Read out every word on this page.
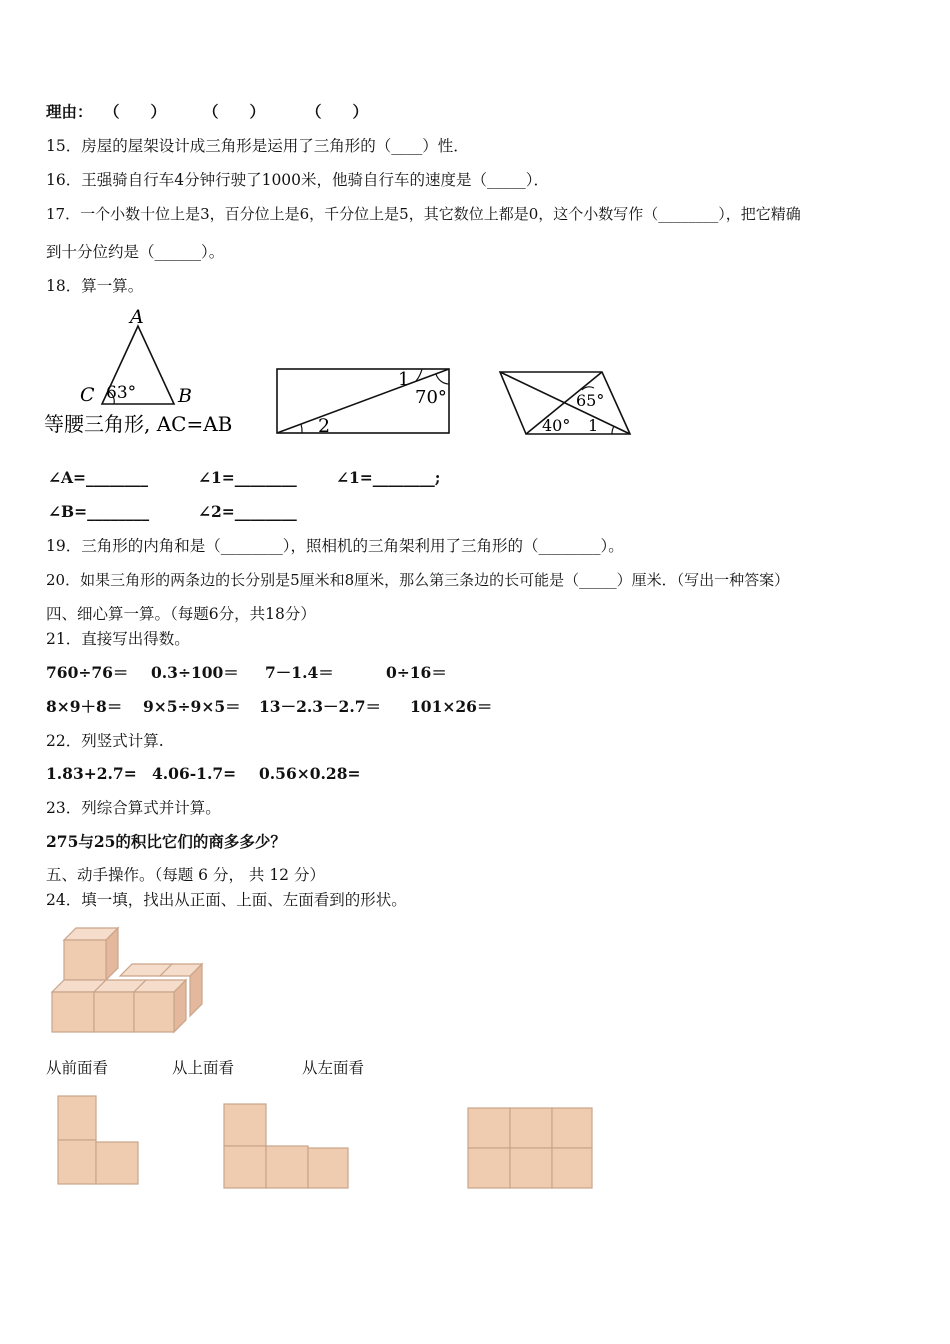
理由： （　　） （　　）	（　　）
15．房屋的屋架设计成三角形是运用了三角形的（____）性．
16．王强骑自行车4分钟行驶了1000米，他骑自行车的速度是（_____）．
17．一个小数十位上是3，百分位上是6，千分位上是5，其它数位上都是0，这个小数写作（________），把它精确
到十分位约是（______）。
18．算一算。
A
C 63° B
等腰三角形, AC=AB
1
70°
2
65°
40° 1
∠A=________	∠1=________	∠1=________;
∠B=________	∠2=________
19．三角形的内角和是（________），照相机的三角架利用了三角形的（________）。
20．如果三角形的两条边的长分别是5厘米和8厘米，那么第三条边的长可能是（_____）厘米．（写出一种答案）
四、细心算一算。（每题6分，共18分）
21．直接写出得数。
760÷76＝ 0.3÷100＝ 7－1.4＝	0÷16＝
8×9＋8＝ 9×5÷9×5＝ 13－2.3－2.7＝ 101×26＝
22．列竖式计算.
1.83+2.7= 4.06-1.7= 0.56×0.28=
23．列综合算式并计算。
275与25的积比它们的商多多少？
五、动手操作。（每题 6 分， 共 12 分）
24．填一填，找出从正面、上面、左面看到的形状。
从前面看	从上面看	从左面看
